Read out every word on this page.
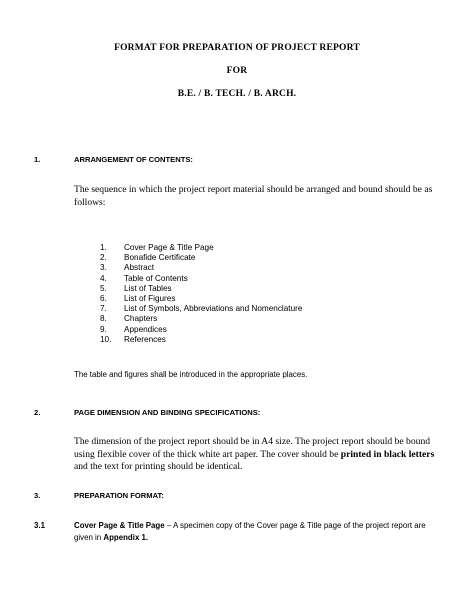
FORMAT FOR PREPARATION OF PROJECT REPORT
FOR
B.E. / B. TECH. / B. ARCH.
1.	ARRANGEMENT OF CONTENTS:
The sequence in which the project report material should be arranged and bound should be as follows:
1.	Cover Page & Title Page
2.	Bonafide Certificate
3.	Abstract
4.	Table of Contents
5.	List of Tables
6.	List of Figures
7.	List of Symbols, Abbreviations and Nomenclature
8.	Chapters
9.	Appendices
10.	References
The table and figures shall be introduced in the appropriate places.
2.	PAGE DIMENSION AND BINDING SPECIFICATIONS:
The dimension of the project report should be in A4 size. The project report should be bound using flexible cover of the thick white art paper. The cover should be printed in black letters and the text for printing should be identical.
3.	PREPARATION FORMAT:
3.1	Cover Page & Title Page – A specimen copy of the Cover page & Title page of the project report are given in Appendix 1.
